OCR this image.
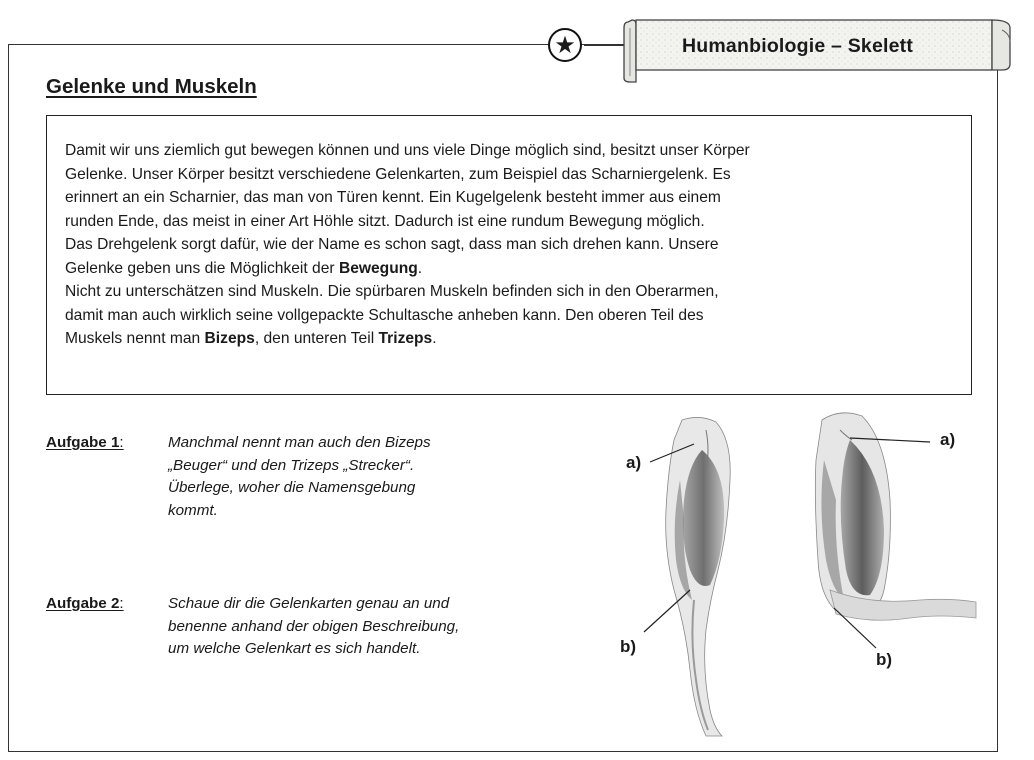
★	Humanbiologie – Skelett
Gelenke und Muskeln

Damit wir uns ziemlich gut bewegen können und uns viele Dinge möglich sind, besitzt unser Körper
Gelenke. Unser Körper besitzt verschiedene Gelenkarten, zum Beispiel das Scharniergelenk. Es
erinnert an ein Scharnier, das man von Türen kennt. Ein Kugelgelenk besteht immer aus einem
runden Ende, das meist in einer Art Höhle sitzt. Dadurch ist eine rundum Bewegung möglich.
Das Drehgelenk sorgt dafür, wie der Name es schon sagt, dass man sich drehen kann. Unsere
Gelenke geben uns die Möglichkeit der Bewegung.
Nicht zu unterschätzen sind Muskeln. Die spürbaren Muskeln befinden sich in den Oberarmen,
damit man auch wirklich seine vollgepackte Schultasche anheben kann. Den oberen Teil des
Muskels nennt man Bizeps, den unteren Teil Trizeps.

Aufgabe 1:	Manchmal nennt man auch den Bizeps
„Beuger“ und den Trizeps „Strecker“.
Überlege, woher die Namensgebung
kommt.

Aufgabe 2:	Schaue dir die Gelenkarten genau an und
benenne anhand der obigen Beschreibung,
um welche Gelenkart es sich handelt.

a)
b)
a)
b)
